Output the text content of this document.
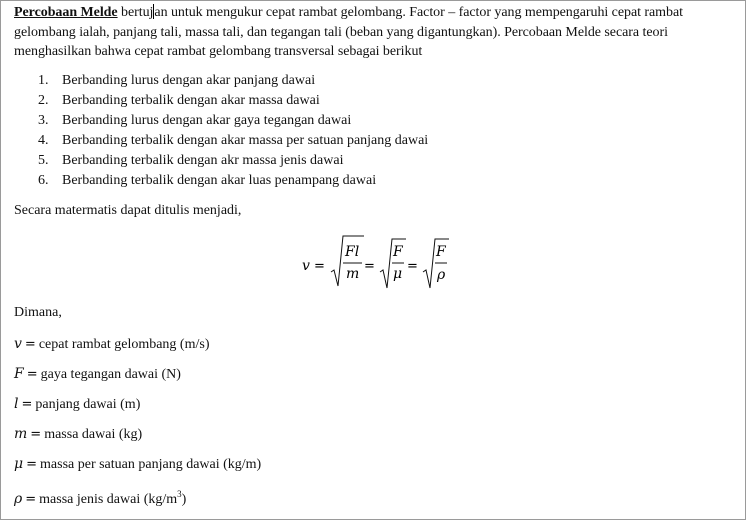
Percobaan Melde bertujan untuk mengukur cepat rambat gelombang. Factor – factor yang mempengaruhi cepat rambat gelombang ialah, panjang tali, massa tali, dan tegangan tali (beban yang digantungkan). Percobaan Melde secara teori menghasilkan bahwa cepat rambat gelombang transversal sebagai berikut
1. Berbanding lurus dengan akar panjang dawai
2. Berbanding terbalik dengan akar massa dawai
3. Berbanding lurus dengan akar gaya tegangan dawai
4. Berbanding terbalik dengan akar massa per satuan panjang dawai
5. Berbanding terbalik dengan akr massa jenis dawai
6. Berbanding terbalik dengan akar luas penampang dawai
Secara matermatis dapat ditulis menjadi,
v =
Fl
m =
F
μ =
F
ρ
Dimana,
v = cepat rambat gelombang (m/s)
F = gaya tegangan dawai (N)
l = panjang dawai (m)
m = massa dawai (kg)
μ = massa per satuan panjang dawai (kg/m)
ρ = massa jenis dawai $(kg/m^3)$
